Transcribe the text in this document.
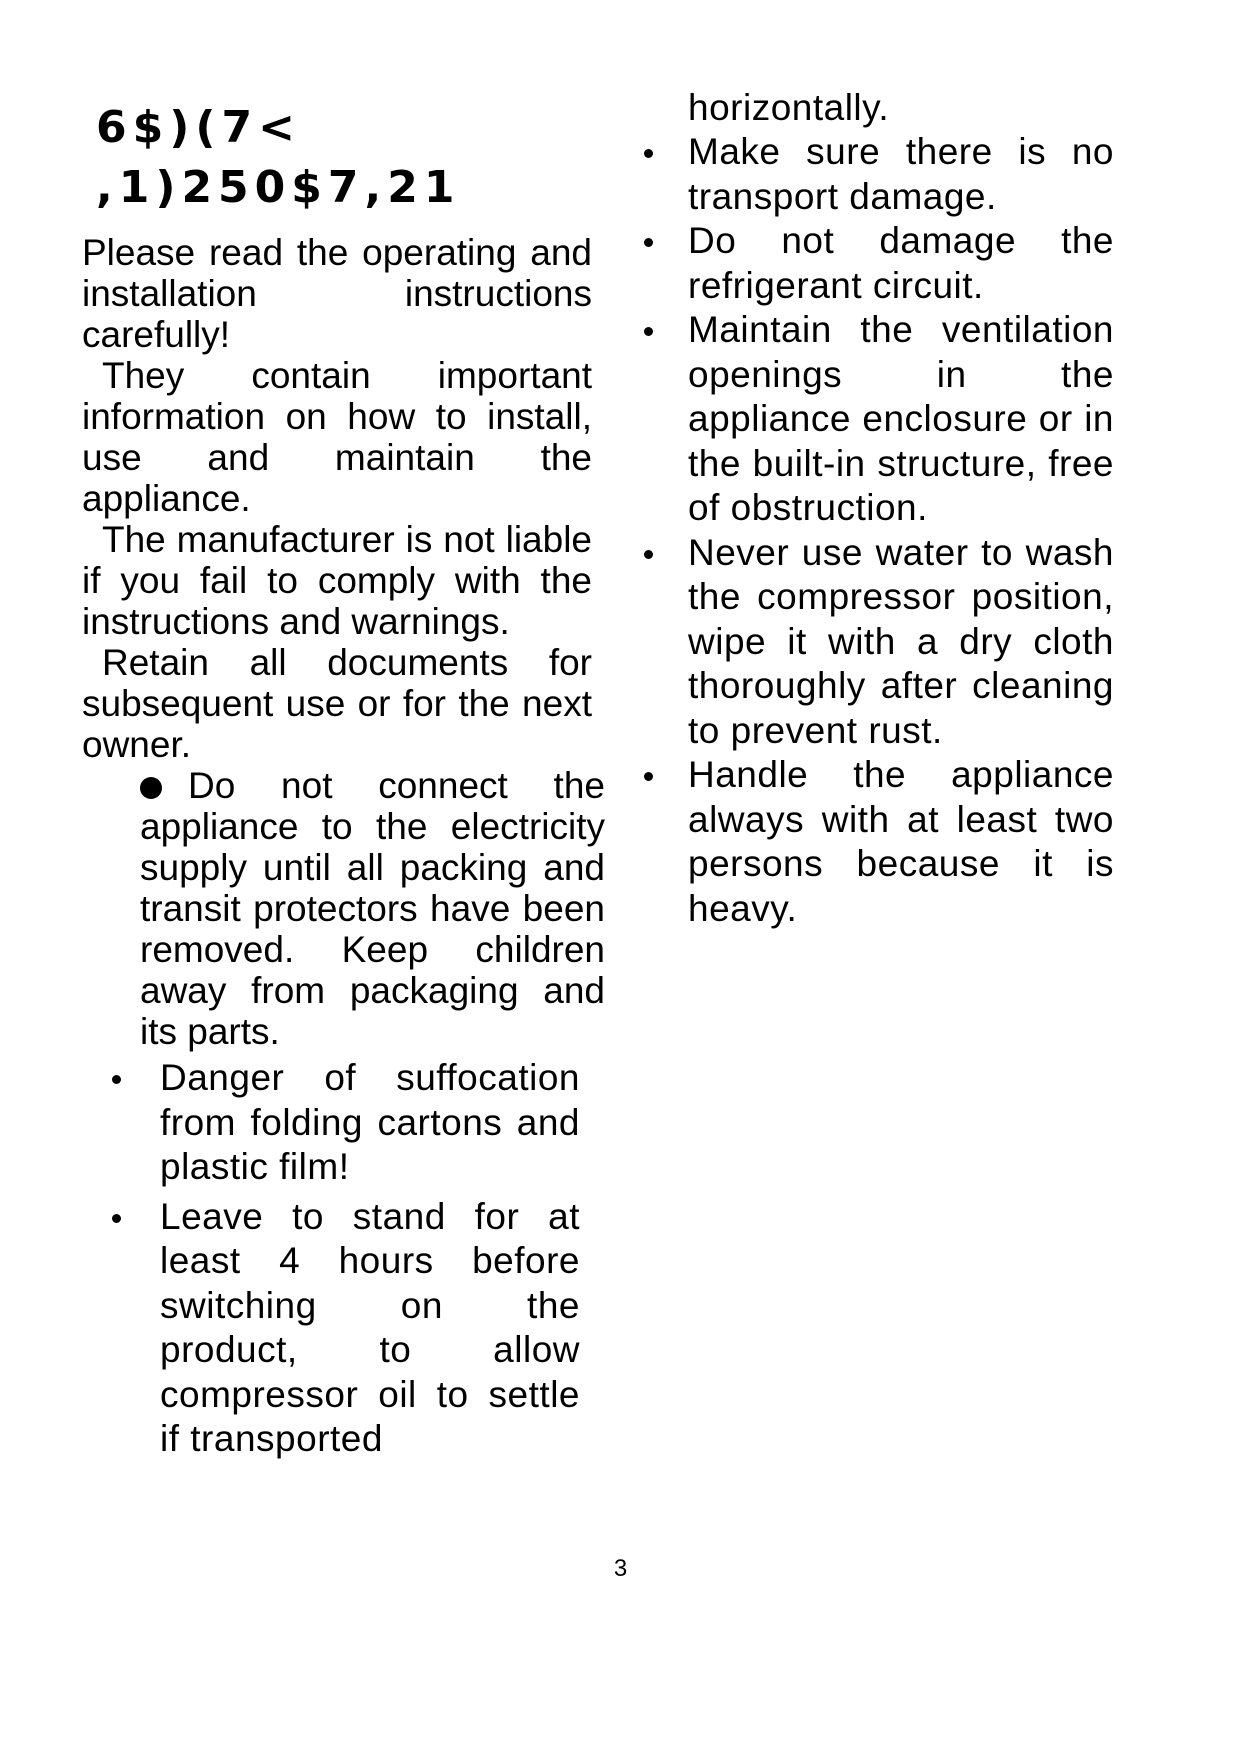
6$)(7<
,1)250$7,21

Please read the operating and installation instructions carefully!

They contain important information on how to install, use and maintain the appliance.

The manufacturer is not liable if you fail to comply with the instructions and warnings.

Retain all documents for subsequent use or for the next owner.

Do not connect the appliance to the electricity supply until all packing and transit protectors have been removed. Keep children away from packaging and its parts.
Danger of suffocation from folding cartons and plastic film!
Leave to stand for at least 4 hours before switching on the product, to allow compressor oil to settle if transported
horizontally.
Make sure there is no transport damage.
Do not damage the refrigerant circuit.
Maintain the ventilation openings in the appliance enclosure or in the built-in structure, free of obstruction.
Never use water to wash the compressor position, wipe it with a dry cloth thoroughly after cleaning to prevent rust.
Handle the appliance always with at least two persons because it is heavy.
3
